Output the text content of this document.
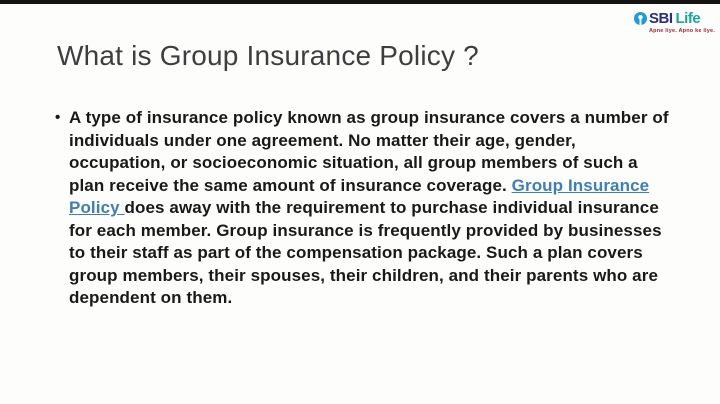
SBI Life
Apne liye. Apno ke liye.
What is Group Insurance Policy ?
• A type of insurance policy known as group insurance covers a number of individuals under one agreement. No matter their age, gender, occupation, or socioeconomic situation, all group members of such a plan receive the same amount of insurance coverage. Group Insurance Policy does away with the requirement to purchase individual insurance for each member. Group insurance is frequently provided by businesses to their staff as part of the compensation package. Such a plan covers group members, their spouses, their children, and their parents who are dependent on them.
